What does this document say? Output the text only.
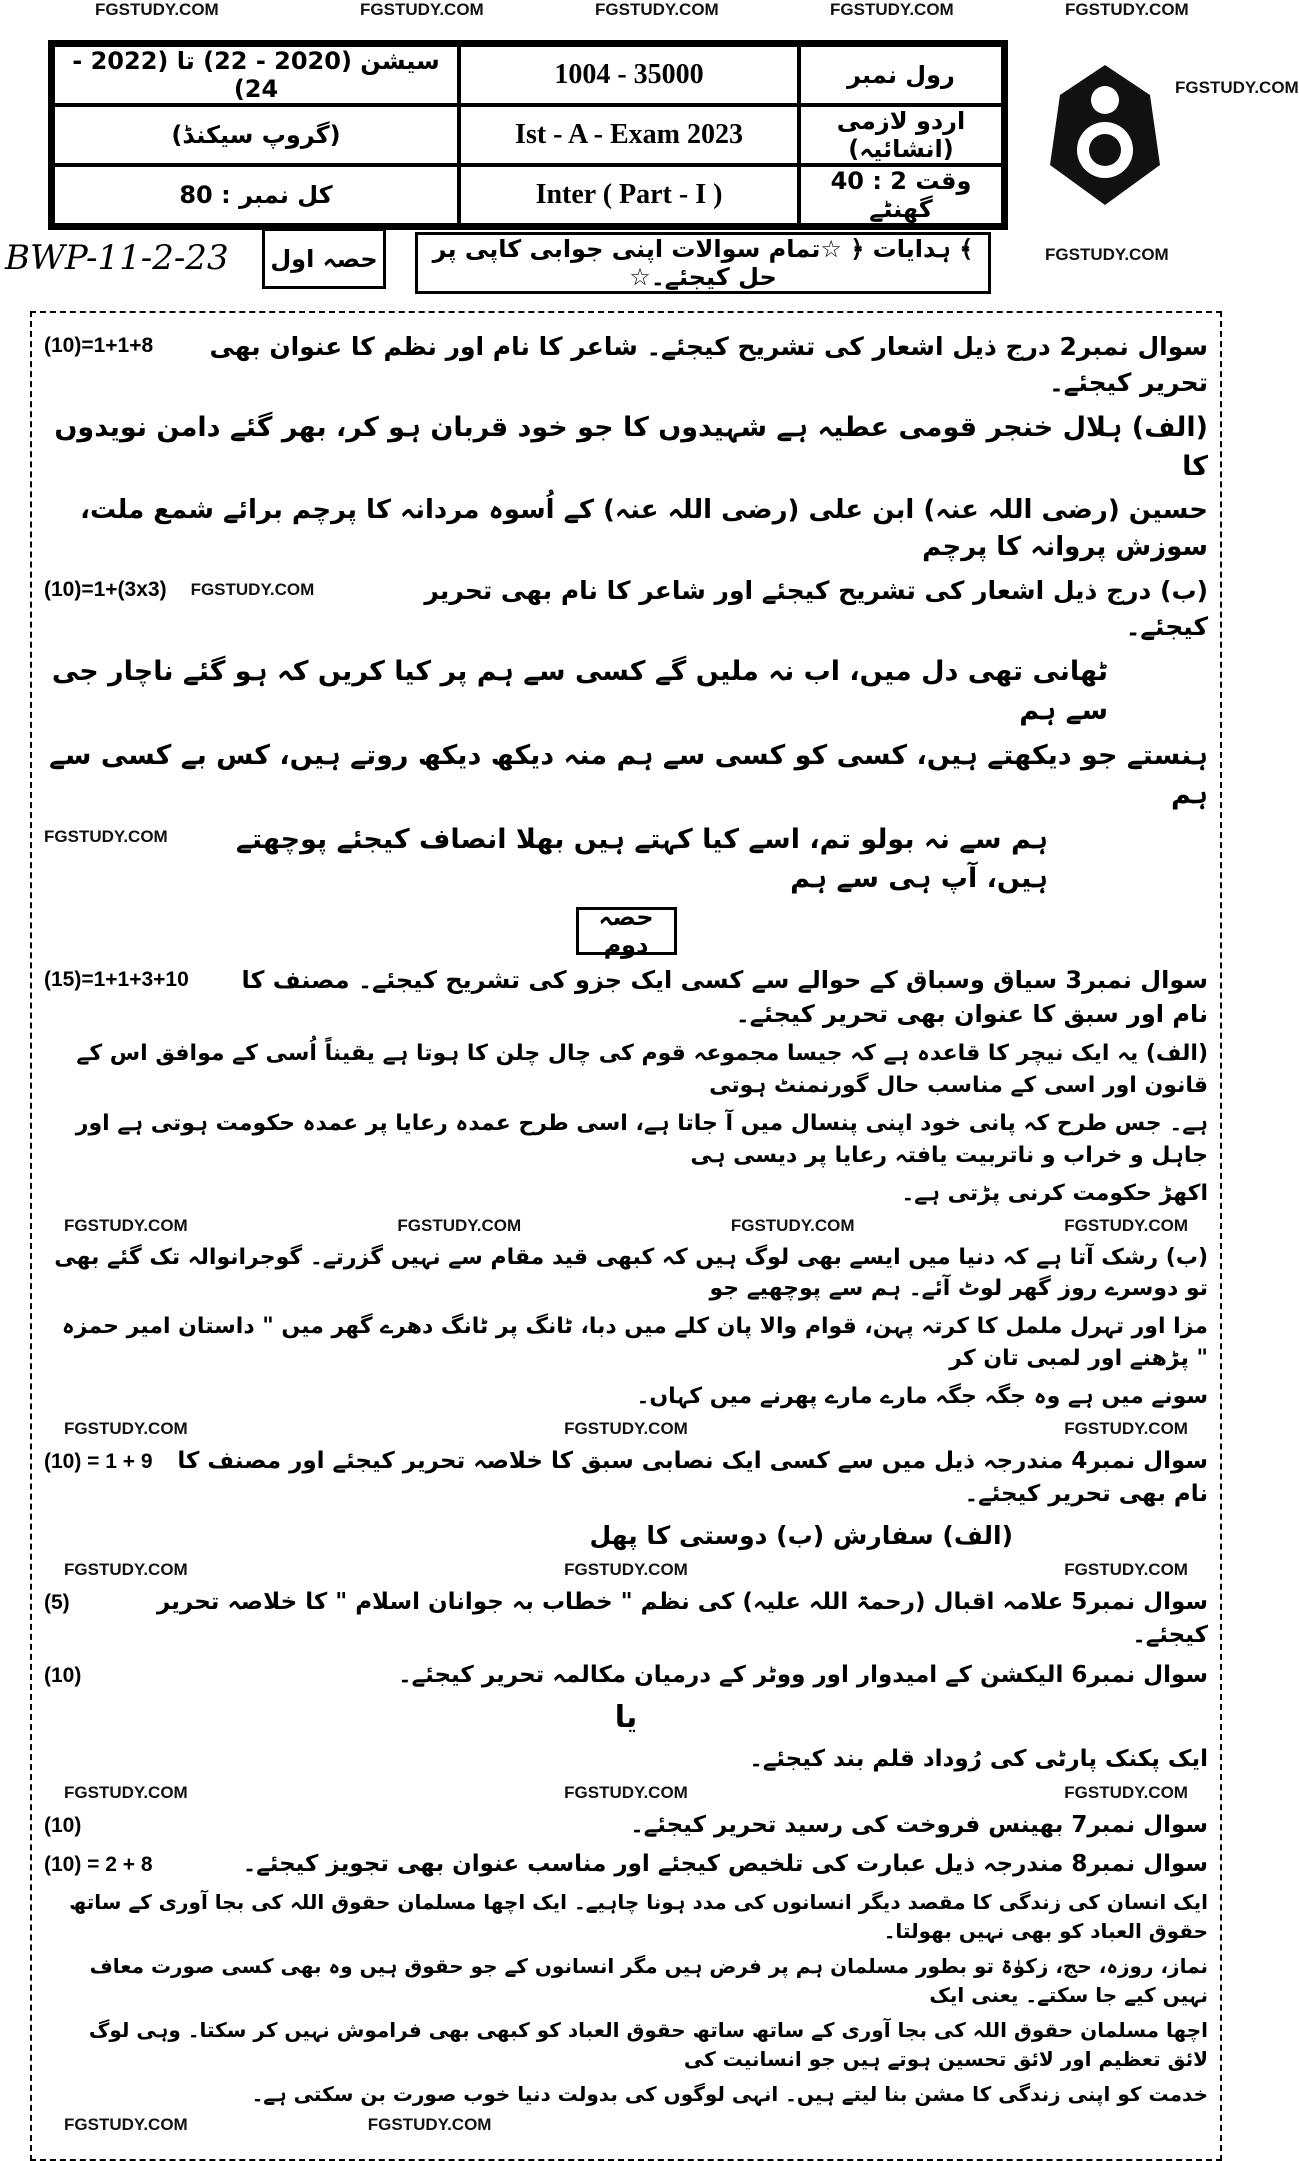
FGSTUDY.COM	FGSTUDY.COM	FGSTUDY.COM	FGSTUDY.COM	FGSTUDY.COM
سیشن (2020 - 22) تا (2022 - 24)	1004 - 35000	رول نمبر
(گروپ سیکنڈ)	Ist - A - Exam 2023	اردو لازمی (انشائیہ)
کل نمبر : 80	Inter ( Part - I )	وقت 2 : 40 گھنٹے
FGSTUDY.COM
BWP-11-2-23	حصہ اول	﴾ ہدایات ﴿ ☆تمام سوالات اپنی جوابی کاپی پر حل کیجئے۔☆
FGSTUDY.COM
سوال نمبر2 درج ذیل اشعار کی تشریح کیجئے۔ شاعر کا نام اور نظم کا عنوان بھی تحریر کیجئے۔
(10)=1+1+8
(الف) ہلال خنجر قومی عطیہ ہے شہیدوں کا جو خود قربان ہو کر، بھر گئے دامن نویدوں کا
حسین (رضی اللہ عنہ) ابن علی (رضی اللہ عنہ) کے اُسوہ مردانہ کا پرچم برائے شمع ملت، سوزش پروانہ کا پرچم
(ب) درج ذیل اشعار کی تشریح کیجئے اور شاعر کا نام بھی تحریر کیجئے۔
FGSTUDY.COM
(10)=1+(3x3)
ٹھانی تھی دل میں، اب نہ ملیں گے کسی سے ہم پر کیا کریں کہ ہو گئے ناچار جی سے ہم
ہنستے جو دیکھتے ہیں، کسی کو کسی سے ہم منہ دیکھ دیکھ روتے ہیں، کس بے کسی سے ہم
ہم سے نہ بولو تم، اسے کیا کہتے ہیں بھلا انصاف کیجئے پوچھتے ہیں، آپ ہی سے ہم
FGSTUDY.COM
حصہ دوم
سوال نمبر3 سیاق وسباق کے حوالے سے کسی ایک جزو کی تشریح کیجئے۔ مصنف کا نام اور سبق کا عنوان بھی تحریر کیجئے۔
(15)=1+1+3+10
(الف) یہ ایک نیچر کا قاعدہ ہے کہ جیسا مجموعہ قوم کی چال چلن کا ہوتا ہے یقیناً اُسی کے موافق اس کے قانون اور اسی کے مناسب حال گورنمنٹ ہوتی
ہے۔ جس طرح کہ پانی خود اپنی پنسال میں آ جاتا ہے، اسی طرح عمدہ رعایا پر عمدہ حکومت ہوتی ہے اور جاہل و خراب و ناتربیت یافتہ رعایا پر دیسی ہی
اکھڑ حکومت کرنی پڑتی ہے۔
FGSTUDY.COM	FGSTUDY.COM	FGSTUDY.COM	FGSTUDY.COM
(ب) رشک آتا ہے کہ دنیا میں ایسے بھی لوگ ہیں کہ کبھی قید مقام سے نہیں گزرتے۔ گوجرانوالہ تک گئے بھی تو دوسرے روز گھر لوٹ آئے۔ ہم سے پوچھیے جو
مزا اور تہرل ململ کا کرتہ پہن، قوام والا پان کلے میں دبا، ٹانگ پر ٹانگ دھرے گھر میں " داستان امیر حمزہ " پڑھنے اور لمبی تان کر
سونے میں ہے وہ جگہ جگہ مارے مارے پھرنے میں کہاں۔
FGSTUDY.COM	FGSTUDY.COM	FGSTUDY.COM
سوال نمبر4 مندرجہ ذیل میں سے کسی ایک نصابی سبق کا خلاصہ تحریر کیجئے اور مصنف کا نام بھی تحریر کیجئے۔
(10) = 1 + 9
(الف) سفارش (ب) دوستی کا پھل
FGSTUDY.COM	FGSTUDY.COM	FGSTUDY.COM
سوال نمبر5 علامہ اقبال (رحمۃ اللہ علیہ) کی نظم " خطاب بہ جوانان اسلام " کا خلاصہ تحریر کیجئے۔
(5)
سوال نمبر6 الیکشن کے امیدوار اور ووٹر کے درمیان مکالمہ تحریر کیجئے۔
(10)
یا
ایک پکنک پارٹی کی رُوداد قلم بند کیجئے۔
FGSTUDY.COM	FGSTUDY.COM	FGSTUDY.COM
سوال نمبر7 بھینس فروخت کی رسید تحریر کیجئے۔
(10)
سوال نمبر8 مندرجہ ذیل عبارت کی تلخیص کیجئے اور مناسب عنوان بھی تجویز کیجئے۔
(10) = 2 + 8
ایک انسان کی زندگی کا مقصد دیگر انسانوں کی مدد ہونا چاہیے۔ ایک اچھا مسلمان حقوق اللہ کی بجا آوری کے ساتھ حقوق العباد کو بھی نہیں بھولتا۔
نماز، روزہ، حج، زکوٰۃ تو بطور مسلمان ہم پر فرض ہیں مگر انسانوں کے جو حقوق ہیں وہ بھی کسی صورت معاف نہیں کیے جا سکتے۔ یعنی ایک
اچھا مسلمان حقوق اللہ کی بجا آوری کے ساتھ ساتھ حقوق العباد کو کبھی بھی فراموش نہیں کر سکتا۔ وہی لوگ لائق تعظیم اور لائق تحسین ہوتے ہیں جو انسانیت کی
خدمت کو اپنی زندگی کا مشن بنا لیتے ہیں۔ انہی لوگوں کی بدولت دنیا خوب صورت بن سکتی ہے۔
FGSTUDY.COM	FGSTUDY.COM
